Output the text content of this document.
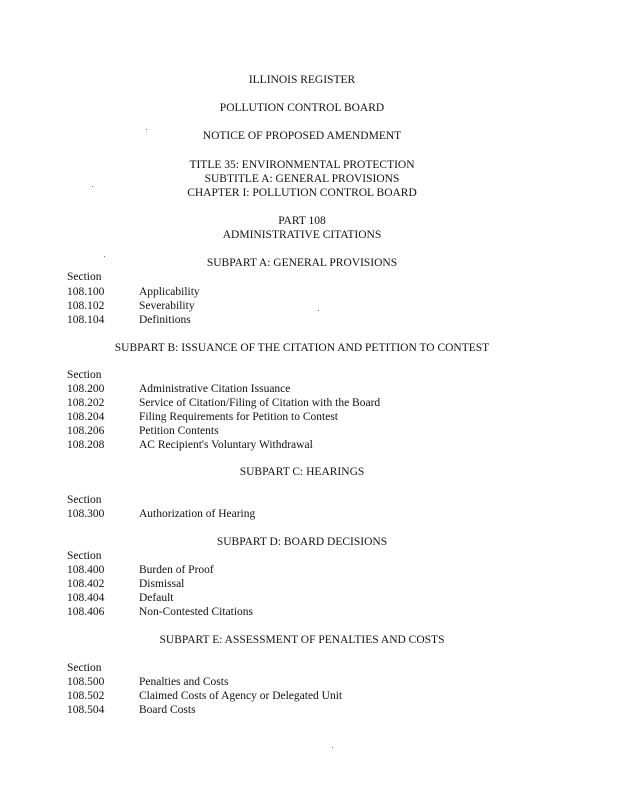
ILLINOIS REGISTER
POLLUTION CONTROL BOARD
NOTICE OF PROPOSED AMENDMENT
TITLE 35: ENVIRONMENTAL PROTECTION
SUBTITLE A: GENERAL PROVISIONS
CHAPTER I: POLLUTION CONTROL BOARD
PART 108
ADMINISTRATIVE CITATIONS
SUBPART A: GENERAL PROVISIONS
Section
108.100	Applicability
108.102	Severability
108.104	Definitions
SUBPART B: ISSUANCE OF THE CITATION AND PETITION TO CONTEST
Section
108.200	Administrative Citation Issuance
108.202	Service of Citation/Filing of Citation with the Board
108.204	Filing Requirements for Petition to Contest
108.206	Petition Contents
108.208	AC Recipient's Voluntary Withdrawal
SUBPART C: HEARINGS
Section
108.300	Authorization of Hearing
SUBPART D: BOARD DECISIONS
Section
108.400	Burden of Proof
108.402	Dismissal
108.404	Default
108.406	Non-Contested Citations
SUBPART E: ASSESSMENT OF PENALTIES AND COSTS
Section
108.500	Penalties and Costs
108.502	Claimed Costs of Agency or Delegated Unit
108.504	Board Costs
